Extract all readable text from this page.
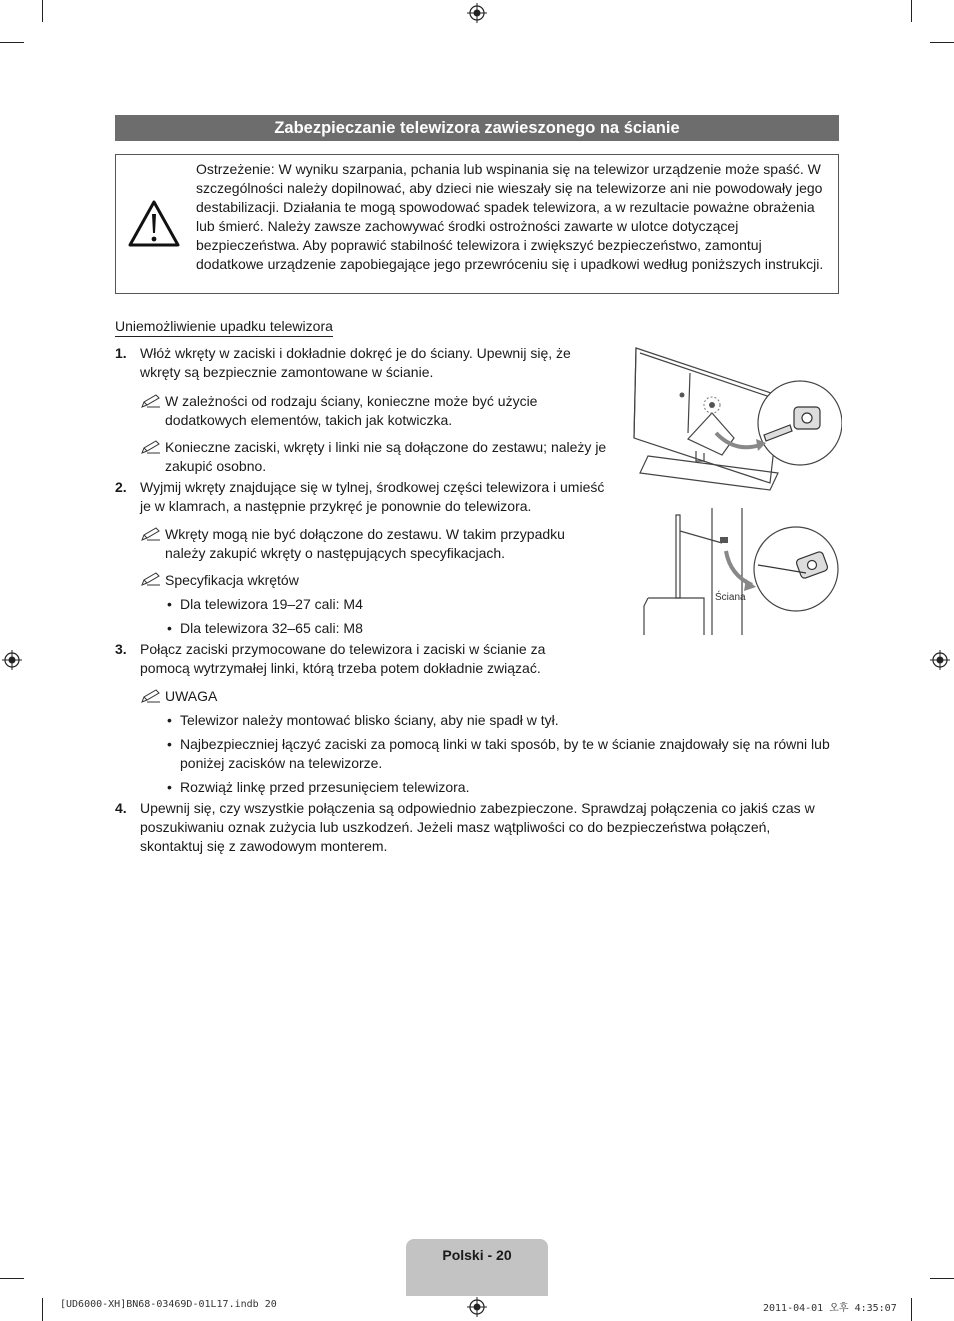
Zabezpieczanie telewizora zawieszonego na ścianie
Ostrzeżenie: W wyniku szarpania, pchania lub wspinania się na telewizor urządzenie może spaść. W szczególności należy dopilnować, aby dzieci nie wieszały się na telewizorze ani nie powodowały jego destabilizacji. Działania te mogą spowodować spadek telewizora, a w rezultacie poważne obrażenia lub śmierć. Należy zawsze zachowywać środki ostrożności zawarte w ulotce dotyczącej bezpieczeństwa. Aby poprawić stabilność telewizora i zwiększyć bezpieczeństwo, zamontuj dodatkowe urządzenie zapobiegające jego przewróceniu się i upadkowi według poniższych instrukcji.
Uniemożliwienie upadku telewizora
1. Włóż wkręty w zaciski i dokładnie dokręć je do ściany. Upewnij się, że wkręty są bezpiecznie zamontowane w ścianie.
W zależności od rodzaju ściany, konieczne może być użycie dodatkowych elementów, takich jak kotwiczka.
Konieczne zaciski, wkręty i linki nie są dołączone do zestawu; należy je zakupić osobno.
2. Wyjmij wkręty znajdujące się w tylnej, środkowej części telewizora i umieść je w klamrach, a następnie przykręć je ponownie do telewizora.
Wkręty mogą nie być dołączone do zestawu. W takim przypadku należy zakupić wkręty o następujących specyfikacjach.
Specyfikacja wkrętów
• Dla telewizora 19–27 cali: M4
• Dla telewizora 32–65 cali: M8
3. Połącz zaciski przymocowane do telewizora i zaciski w ścianie za pomocą wytrzymałej linki, którą trzeba potem dokładnie związać.
UWAGA
• Telewizor należy montować blisko ściany, aby nie spadł w tył.
• Najbezpieczniej łączyć zaciski za pomocą linki w taki sposób, by te w ścianie znajdowały się na równi lub poniżej zacisków na telewizorze.
• Rozwiąż linkę przed przesunięciem telewizora.
4. Upewnij się, czy wszystkie połączenia są odpowiednio zabezpieczone. Sprawdzaj połączenia co jakiś czas w poszukiwaniu oznak zużycia lub uszkodzeń. Jeżeli masz wątpliwości co do bezpieczeństwa połączeń, skontaktuj się z zawodowym monterem.
Ściana
Polski - 20
[UD6000-XH]BN68-03469D-01L17.indb 20	2011-04-01 오후 4:35:07
